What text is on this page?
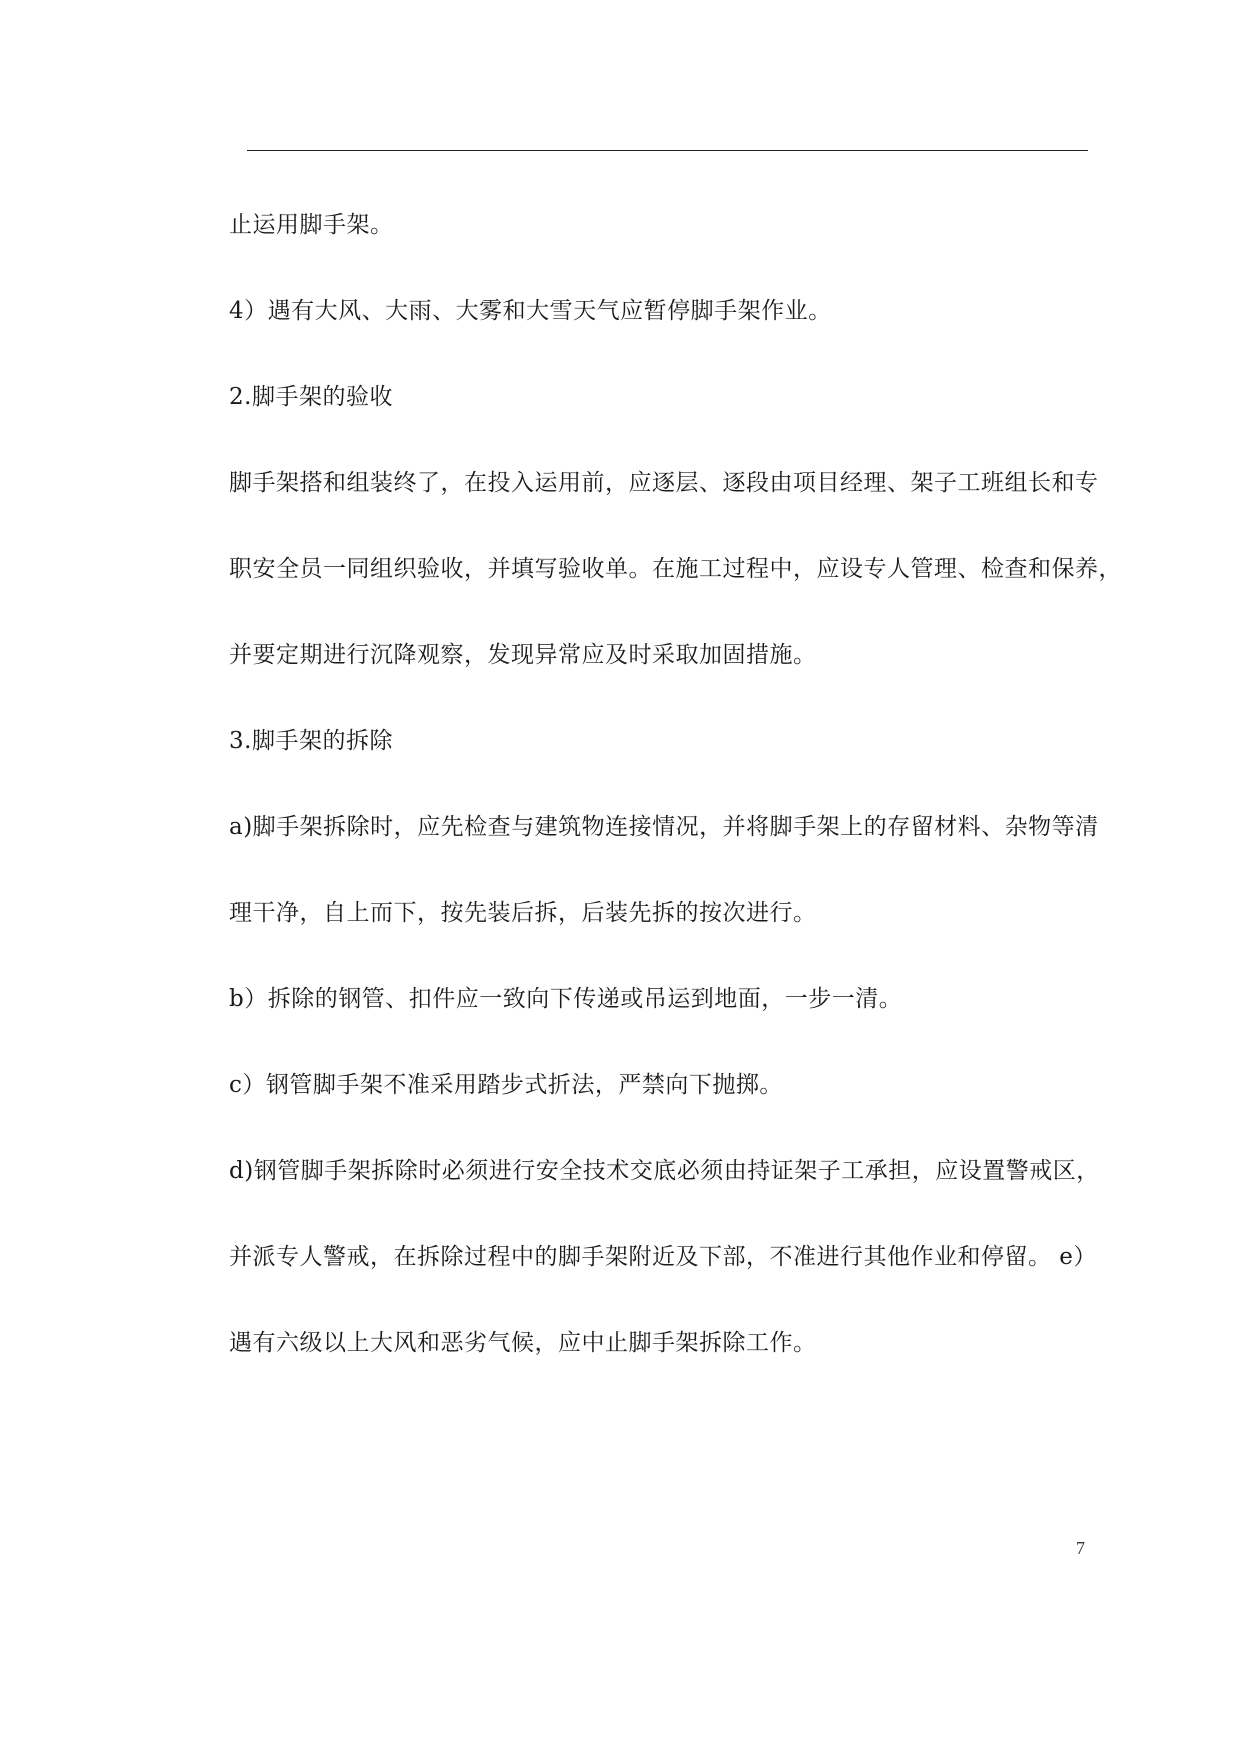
止运用脚手架。
4）遇有大风、大雨、大雾和大雪天气应暂停脚手架作业。
2.脚手架的验收
脚手架搭和组装终了，在投入运用前，应逐层、逐段由项目经理、架子工班组长和专
职安全员一同组织验收，并填写验收单。在施工过程中，应设专人管理、检查和保养，
并要定期进行沉降观察，发现异常应及时采取加固措施。
3.脚手架的拆除
a)脚手架拆除时，应先检查与建筑物连接情况，并将脚手架上的存留材料、杂物等清
理干净，自上而下，按先装后拆，后装先拆的按次进行。
b）拆除的钢管、扣件应一致向下传递或吊运到地面，一步一清。
c）钢管脚手架不准采用踏步式折法，严禁向下抛掷。
d)钢管脚手架拆除时必须进行安全技术交底必须由持证架子工承担，应设置警戒区，
并派专人警戒，在拆除过程中的脚手架附近及下部，不准进行其他作业和停留。 e）
遇有六级以上大风和恶劣气候，应中止脚手架拆除工作。
7
